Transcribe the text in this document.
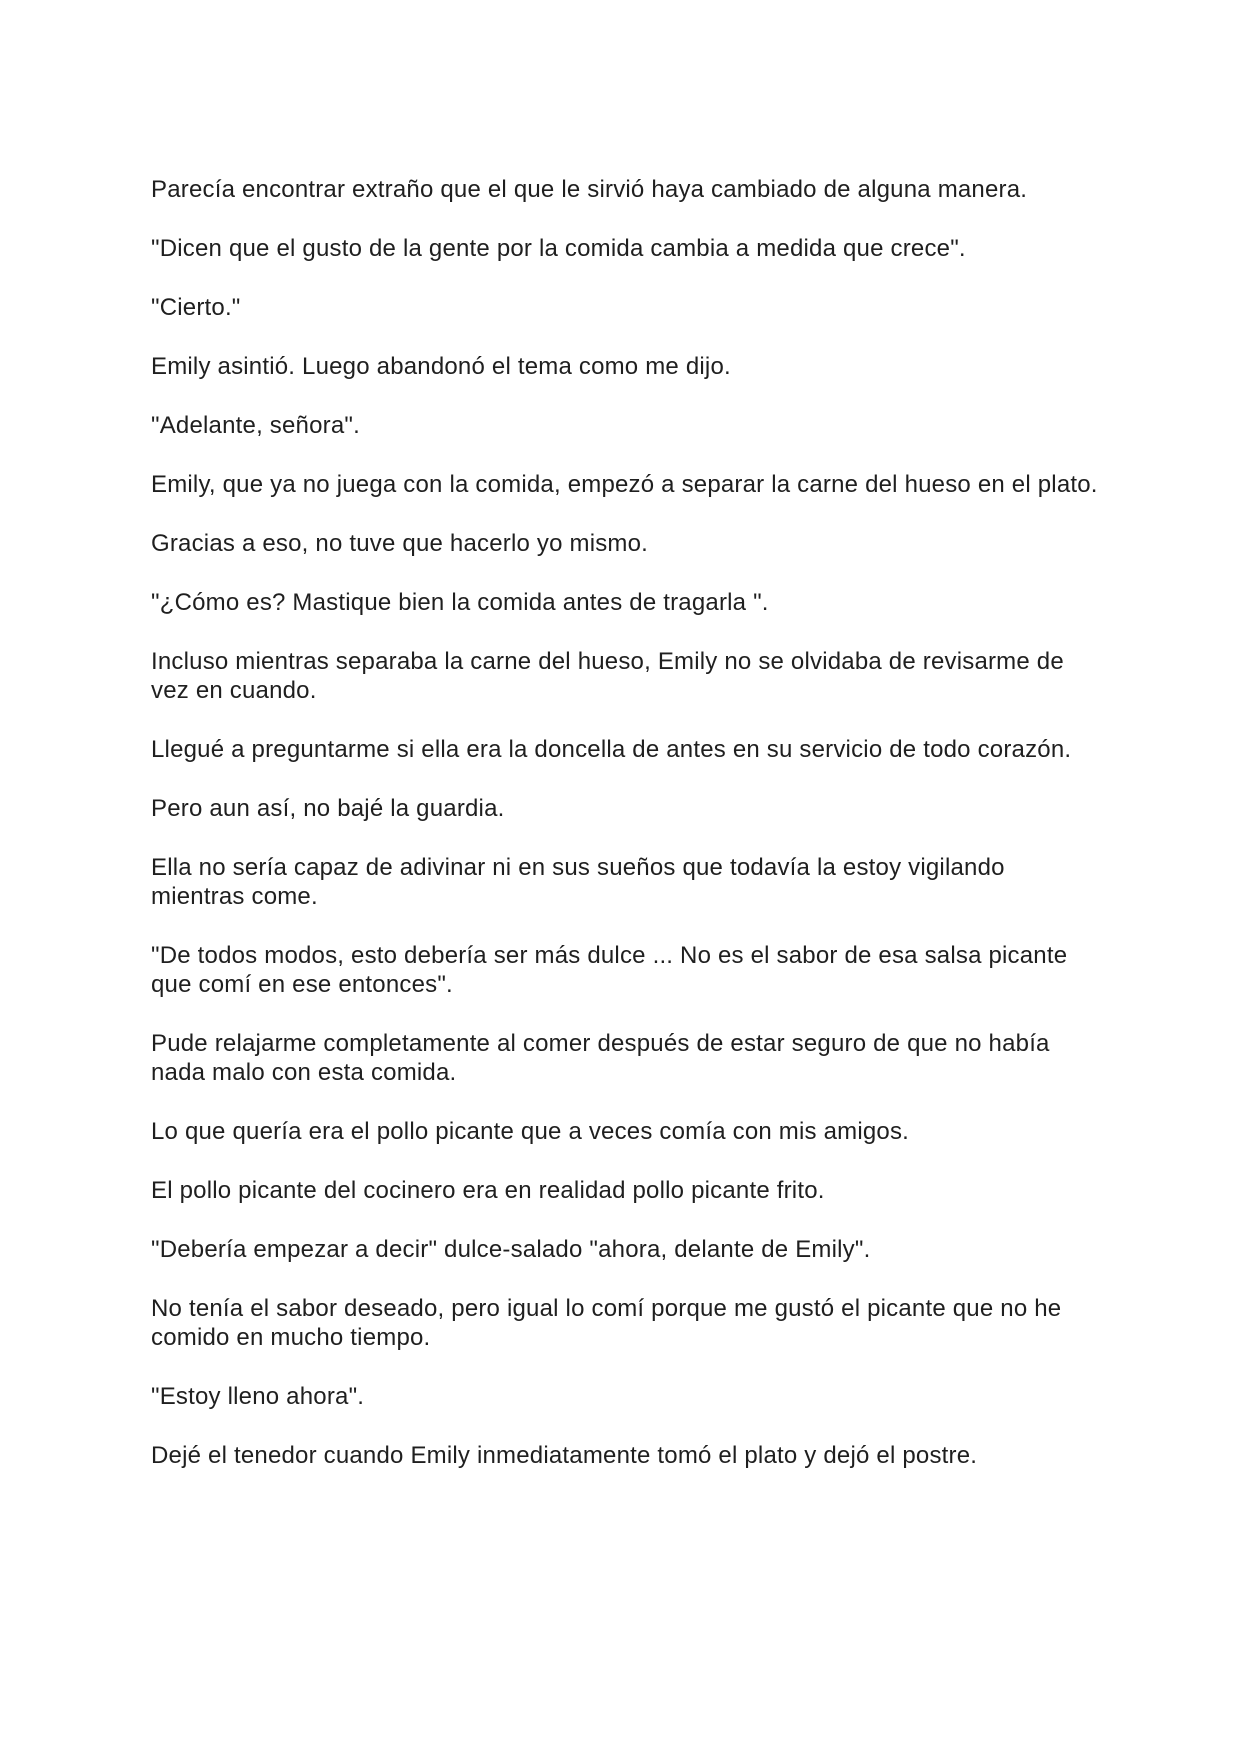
Parecía encontrar extraño que el que le sirvió haya cambiado de alguna manera.

"Dicen que el gusto de la gente por la comida cambia a medida que crece".

"Cierto."

Emily asintió. Luego abandonó el tema como me dijo.

"Adelante, señora".

Emily, que ya no juega con la comida, empezó a separar la carne del hueso en el plato.

Gracias a eso, no tuve que hacerlo yo mismo.

"¿Cómo es? Mastique bien la comida antes de tragarla ".

Incluso mientras separaba la carne del hueso, Emily no se olvidaba de revisarme de vez en cuando.

Llegué a preguntarme si ella era la doncella de antes en su servicio de todo corazón.

Pero aun así, no bajé la guardia.

Ella no sería capaz de adivinar ni en sus sueños que todavía la estoy vigilando mientras come.

"De todos modos, esto debería ser más dulce ... No es el sabor de esa salsa picante que comí en ese entonces".

Pude relajarme completamente al comer después de estar seguro de que no había nada malo con esta comida.

Lo que quería era el pollo picante que a veces comía con mis amigos.

El pollo picante del cocinero era en realidad pollo picante frito.

"Debería empezar a decir" dulce-salado "ahora, delante de Emily".

No tenía el sabor deseado, pero igual lo comí porque me gustó el picante que no he comido en mucho tiempo.

"Estoy lleno ahora".

Dejé el tenedor cuando Emily inmediatamente tomó el plato y dejó el postre.
